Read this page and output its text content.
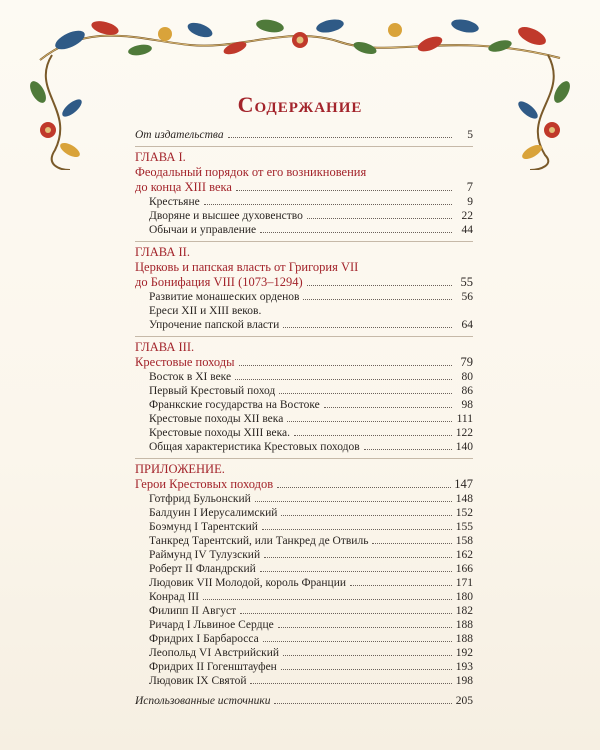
Содержание
От издательства	5
ГЛАВА I.
Феодальный порядок от его возникновения
до конца XIII века	7
Крестьяне	9
Дворяне и высшее духовенство	22
Обычаи и управление	44
ГЛАВА II.
Церковь и папская власть от Григория VII
до Бонифация VIII (1073–1294)	55
Развитие монашеских орденов	56
Ереси XII и XIII веков.
Упрочение папской власти	64
ГЛАВА III.
Крестовые походы	79
Восток в XI веке	80
Первый Крестовый поход	86
Франкские государства на Востоке	98
Крестовые походы XII века	111
Крестовые походы XIII века.	122
Общая характеристика Крестовых походов	140
ПРИЛОЖЕНИЕ.
Герои Крестовых походов	147
Готфрид Бульонский	148
Балдуин I Иерусалимский	152
Боэмунд I Тарентский	155
Танкред Тарентский, или Танкред де Отвиль	158
Раймунд IV Тулузский	162
Роберт II Фландрский	166
Людовик VII Молодой, король Франции	171
Конрад III	180
Филипп II Август	182
Ричард I Львиное Сердце	188
Фридрих I Барбаросса	188
Леопольд VI Австрийский	192
Фридрих II Гогенштауфен	193
Людовик IX Святой	198
Использованные источники	205
